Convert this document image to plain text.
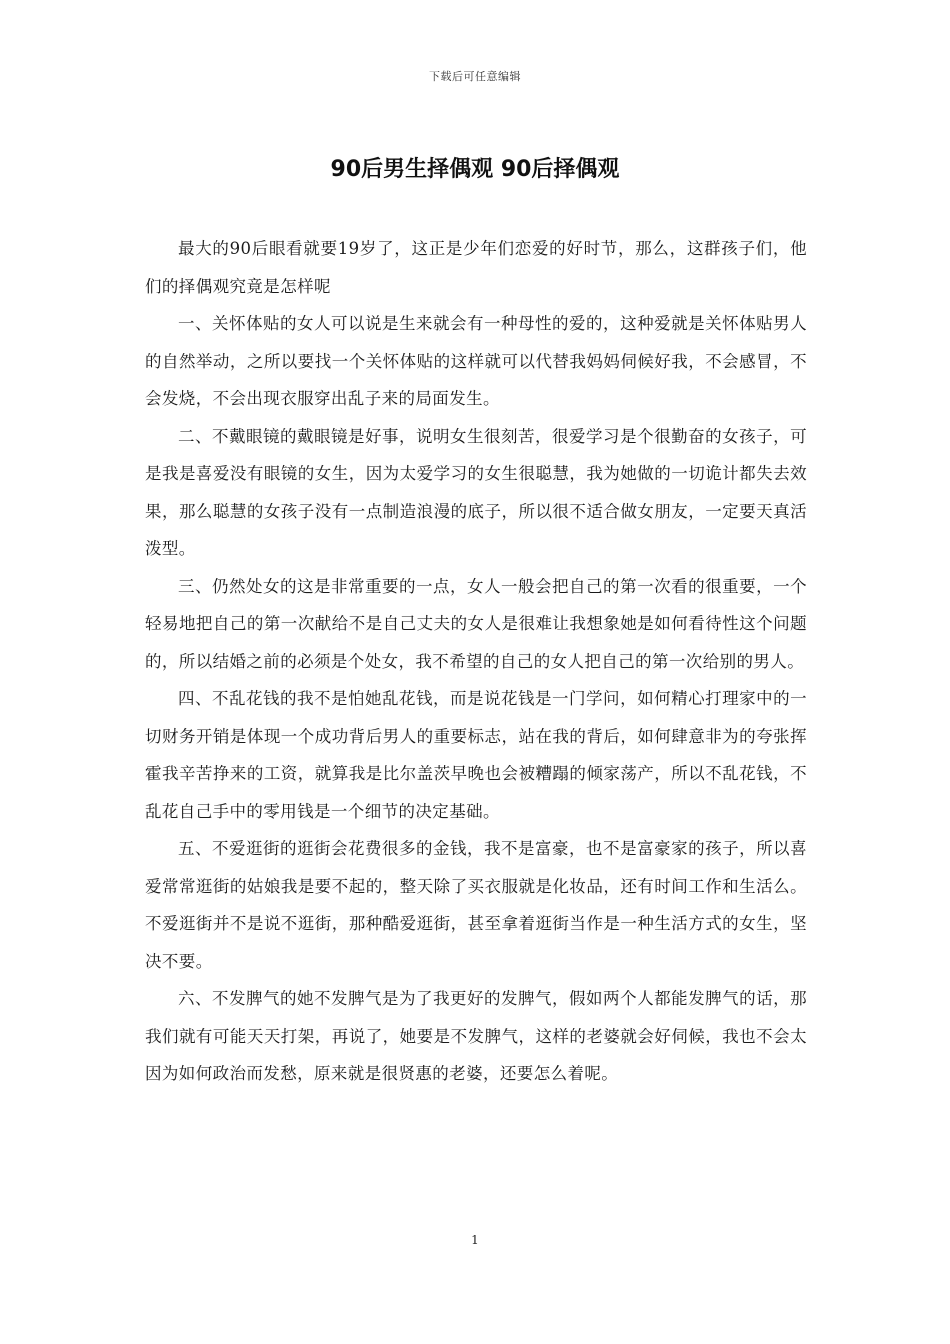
下载后可任意编辑
90后男生择偶观 90后择偶观

最大的90后眼看就要19岁了，这正是少年们恋爱的好时节，那么，这群孩子们，他们的择偶观究竟是怎样呢

一、关怀体贴的女人可以说是生来就会有一种母性的爱的，这种爱就是关怀体贴男人的自然举动，之所以要找一个关怀体贴的这样就可以代替我妈妈伺候好我，不会感冒，不会发烧，不会出现衣服穿出乱子来的局面发生。

二、不戴眼镜的戴眼镜是好事，说明女生很刻苦，很爱学习是个很勤奋的女孩子，可是我是喜爱没有眼镜的女生，因为太爱学习的女生很聪慧，我为她做的一切诡计都失去效果，那么聪慧的女孩子没有一点制造浪漫的底子，所以很不适合做女朋友，一定要天真活泼型。

三、仍然处女的这是非常重要的一点，女人一般会把自己的第一次看的很重要，一个轻易地把自己的第一次献给不是自己丈夫的女人是很难让我想象她是如何看待性这个问题的，所以结婚之前的必须是个处女，我不希望的自己的女人把自己的第一次给别的男人。

四、不乱花钱的我不是怕她乱花钱，而是说花钱是一门学问，如何精心打理家中的一切财务开销是体现一个成功背后男人的重要标志，站在我的背后，如何肆意非为的夸张挥霍我辛苦挣来的工资，就算我是比尔盖茨早晚也会被糟蹋的倾家荡产，所以不乱花钱，不乱花自己手中的零用钱是一个细节的决定基础。

五、不爱逛街的逛街会花费很多的金钱，我不是富豪，也不是富豪家的孩子，所以喜爱常常逛街的姑娘我是要不起的，整天除了买衣服就是化妆品，还有时间工作和生活么。不爱逛街并不是说不逛街，那种酷爱逛街，甚至拿着逛街当作是一种生活方式的女生，坚决不要。

六、不发脾气的她不发脾气是为了我更好的发脾气，假如两个人都能发脾气的话，那我们就有可能天天打架，再说了，她要是不发脾气，这样的老婆就会好伺候，我也不会太因为如何政治而发愁，原来就是很贤惠的老婆，还要怎么着呢。

1
